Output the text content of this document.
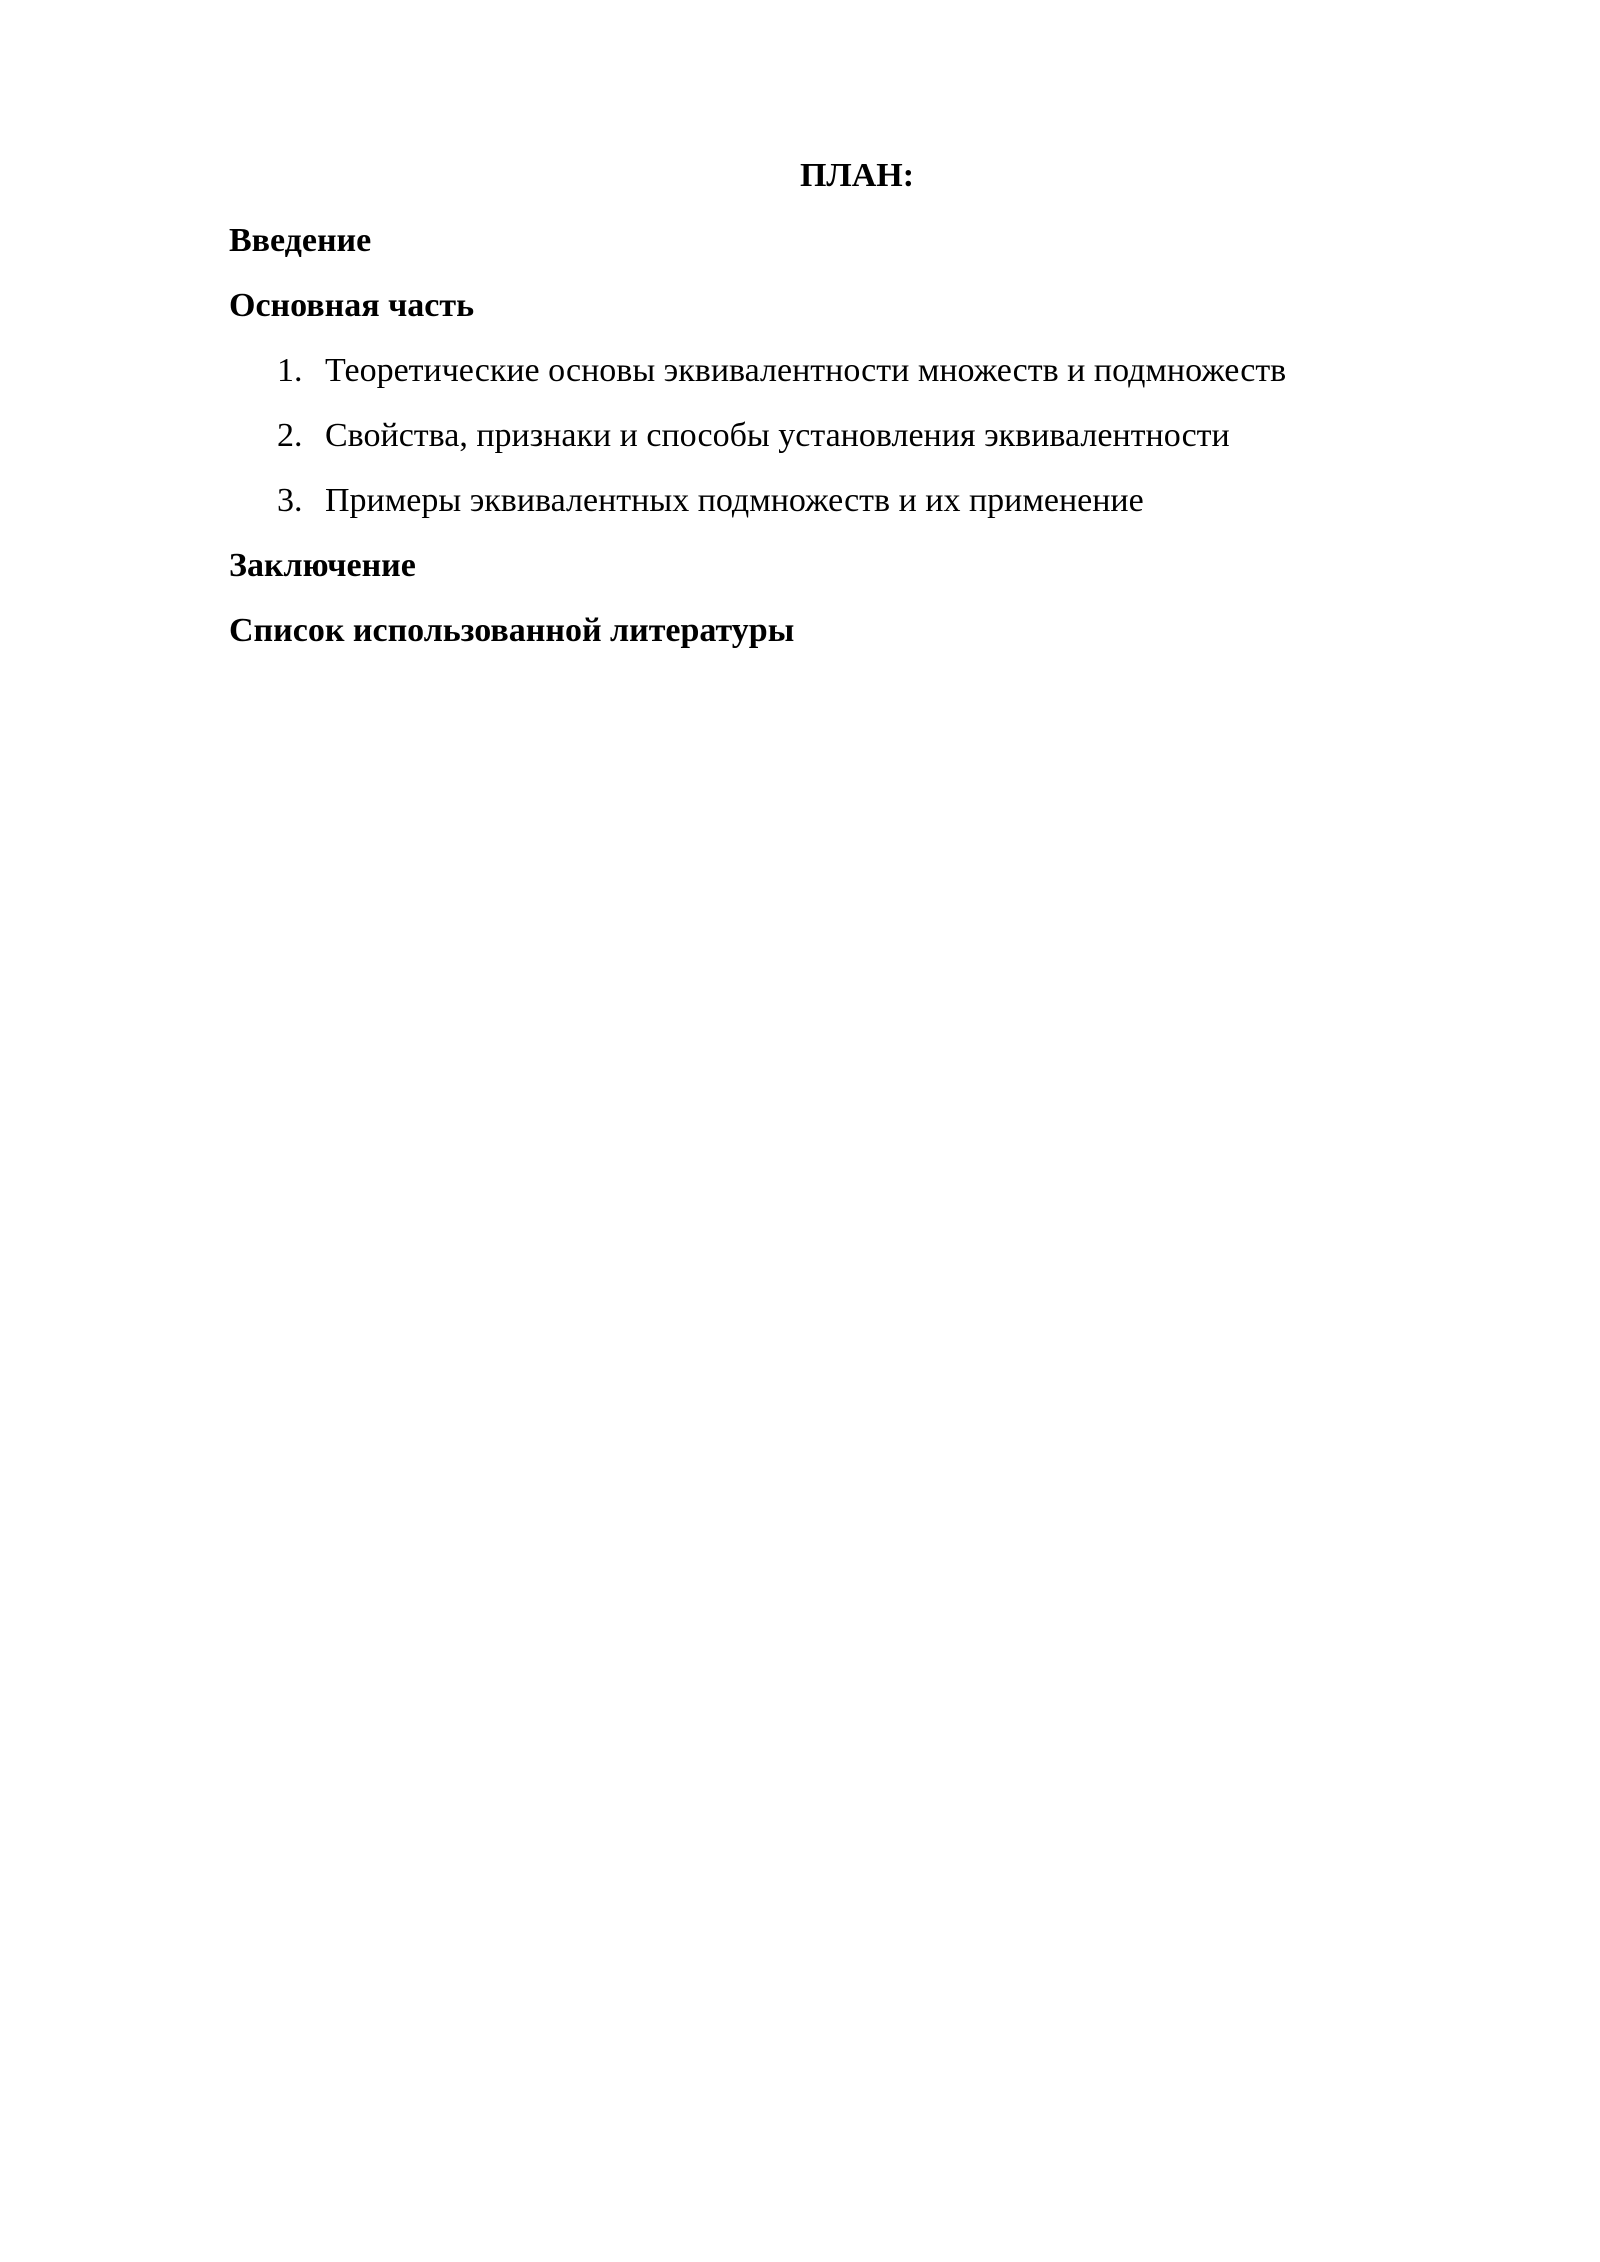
ПЛАН:
Введение
Основная часть
1. Теоретические основы эквивалентности множеств и подмножеств
2. Свойства, признаки и способы установления эквивалентности
3. Примеры эквивалентных подмножеств и их применение
Заключение
Список использованной литературы
